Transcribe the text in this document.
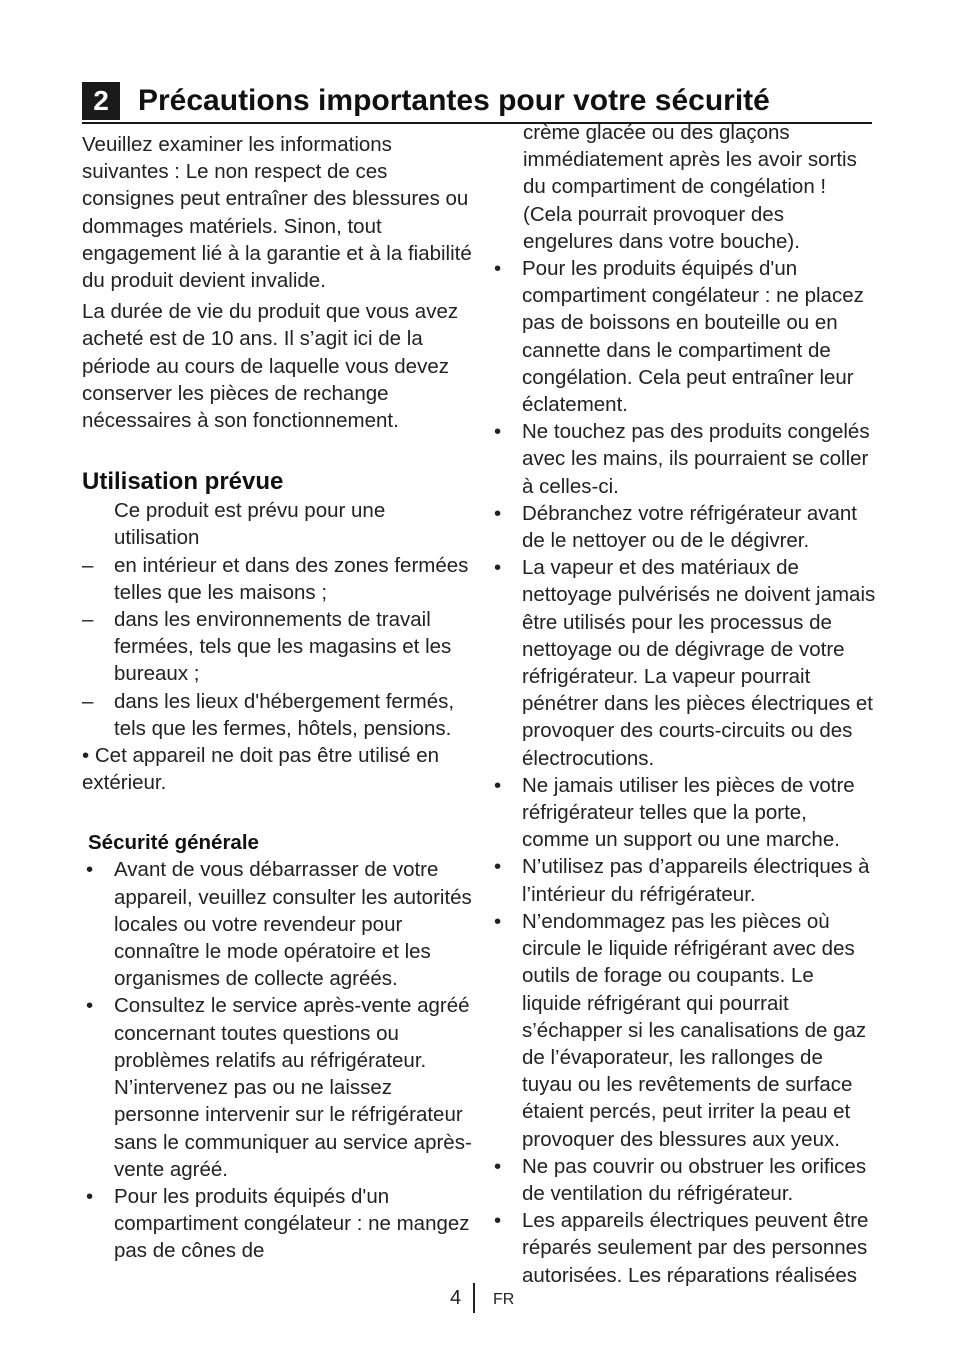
2 Précautions importantes pour votre sécurité

Veuillez examiner les informations suivantes : Le non respect de ces consignes peut entraîner des blessures ou dommages matériels. Sinon, tout engagement lié à la garantie et à la fiabilité du produit devient invalide.

La durée de vie du produit que vous avez acheté est de 10 ans. Il s’agit ici de la période au cours de laquelle vous devez conserver les pièces de rechange nécessaires à son fonctionnement.

Utilisation prévue

Ce produit est prévu pour une utilisation

– en intérieur et dans des zones fermées telles que les maisons ;
– dans les environnements de travail fermées, tels que les magasins et les bureaux ;
– dans les lieux d'hébergement fermés, tels que les fermes, hôtels, pensions.

• Cet appareil ne doit pas être utilisé en extérieur.

Sécurité générale
• Avant de vous débarrasser de votre appareil, veuillez consulter les autorités locales ou votre revendeur pour connaître le mode opératoire et les organismes de collecte agréés.
• Consultez le service après-vente agréé concernant toutes questions ou problèmes relatifs au réfrigérateur. N’intervenez pas ou ne laissez personne intervenir sur le réfrigérateur sans le communiquer au service après-vente agréé.
• Pour les produits équipés d'un compartiment congélateur : ne mangez pas de cônes de

crème glacée ou des glaçons immédiatement après les avoir sortis du compartiment de congélation ! (Cela pourrait provoquer des engelures dans votre bouche).

• Pour les produits équipés d'un compartiment congélateur : ne placez pas de boissons en bouteille ou en cannette dans le compartiment de congélation. Cela peut entraîner leur éclatement.
• Ne touchez pas des produits congelés avec les mains, ils pourraient se coller à celles-ci.
• Débranchez votre réfrigérateur avant de le nettoyer ou de le dégivrer.
• La vapeur et des matériaux de nettoyage pulvérisés ne doivent jamais être utilisés pour les processus de nettoyage ou de dégivrage de votre réfrigérateur. La vapeur pourrait pénétrer dans les pièces électriques et provoquer des courts-circuits ou des électrocutions.
• Ne jamais utiliser les pièces de votre réfrigérateur telles que la porte, comme un support ou une marche.
• N’utilisez pas d’appareils électriques à l’intérieur du réfrigérateur.
• N’endommagez pas les pièces où circule le liquide réfrigérant avec des outils de forage ou coupants. Le liquide réfrigérant qui pourrait s’échapper si les canalisations de gaz de l’évaporateur, les rallonges de tuyau ou les revêtements de surface étaient percés, peut irriter la peau et provoquer des blessures aux yeux.
• Ne pas couvrir ou obstruer les orifices de ventilation du réfrigérateur.
• Les appareils électriques peuvent être réparés seulement par des personnes autorisées. Les réparations réalisées
4 FR
